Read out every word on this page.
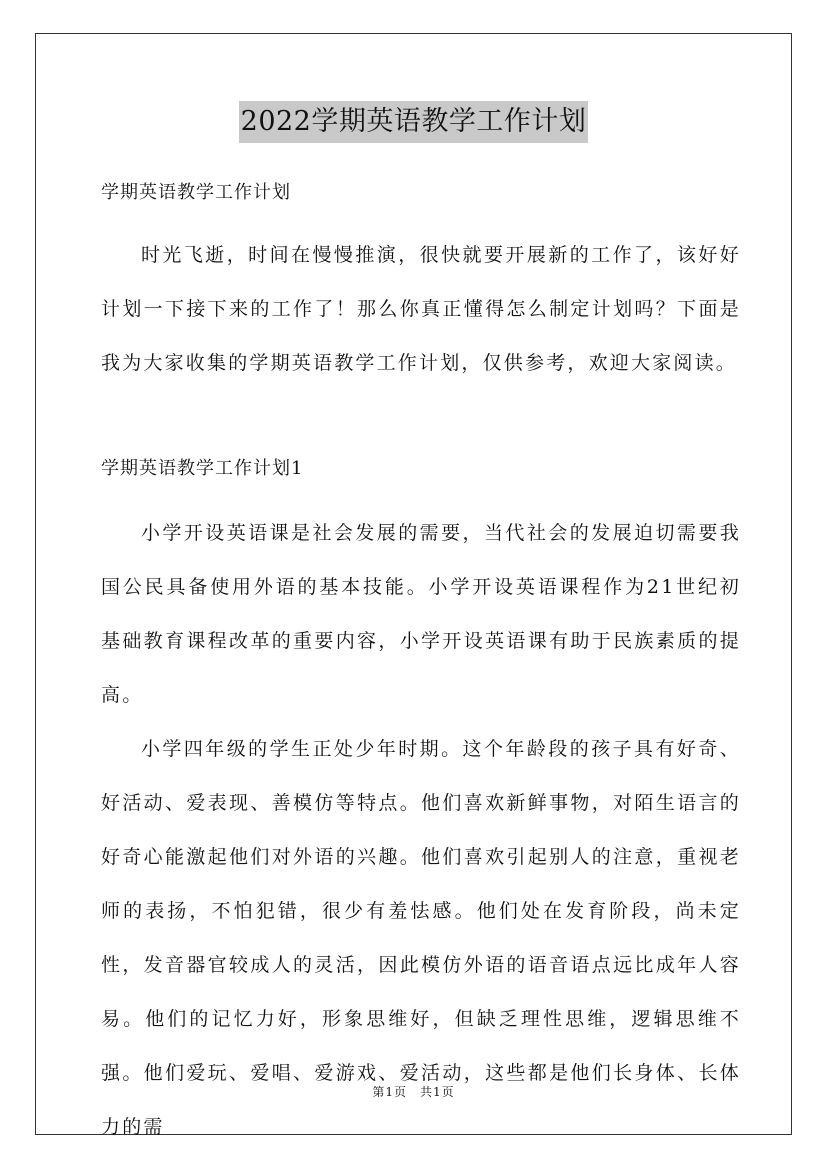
2022学期英语教学工作计划

学期英语教学工作计划

时光飞逝，时间在慢慢推演，很快就要开展新的工作了，该好好计划一下接下来的工作了！那么你真正懂得怎么制定计划吗？下面是我为大家收集的学期英语教学工作计划，仅供参考，欢迎大家阅读。

学期英语教学工作计划1

小学开设英语课是社会发展的需要，当代社会的发展迫切需要我国公民具备使用外语的基本技能。小学开设英语课程作为21世纪初基础教育课程改革的重要内容，小学开设英语课有助于民族素质的提高。

小学四年级的学生正处少年时期。这个年龄段的孩子具有好奇、好活动、爱表现、善模仿等特点。他们喜欢新鲜事物，对陌生语言的好奇心能激起他们对外语的兴趣。他们喜欢引起别人的注意，重视老师的表扬，不怕犯错，很少有羞怯感。他们处在发育阶段，尚未定性，发音器官较成人的灵活，因此模仿外语的语音语点远比成年人容易。他们的记忆力好，形象思维好，但缺乏理性思维，逻辑思维不强。他们爱玩、爱唱、爱游戏、爱活动，这些都是他们长身体、长体力的需

第1页　共1页
